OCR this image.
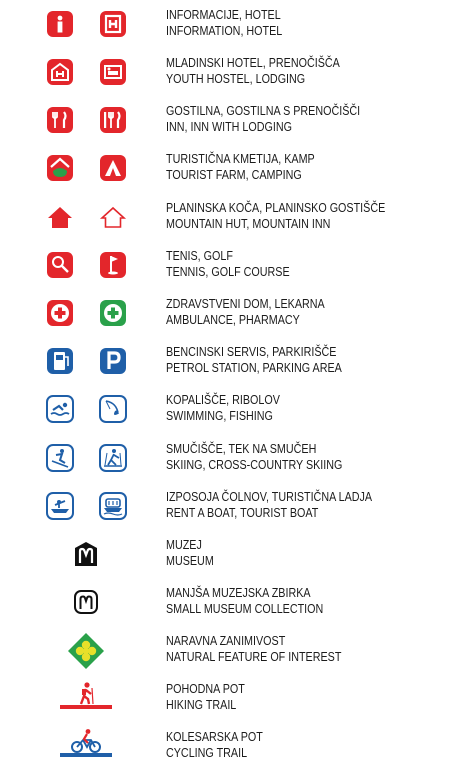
INFORMACIJE, HOTEL
INFORMATION, HOTEL
MLADINSKI HOTEL, PRENOČIŠČA
YOUTH HOSTEL, LODGING
GOSTILNA, GOSTILNA S PRENOČIŠČI
INN, INN WITH LODGING
TURISTIČNA KMETIJA, KAMP
TOURIST FARM, CAMPING
PLANINSKA KOČA, PLANINSKO GOSTIŠČE
MOUNTAIN HUT, MOUNTAIN INN
TENIS, GOLF
TENNIS, GOLF COURSE
ZDRAVSTVENI DOM, LEKARNA
AMBULANCE, PHARMACY
BENCINSKI SERVIS, PARKIRIŠČE
PETROL STATION, PARKING AREA
KOPALIŠČE, RIBOLOV
SWIMMING, FISHING
SMUČIŠČE, TEK NA SMUČEH
SKIING, CROSS-COUNTRY SKIING
IZPOSOJA ČOLNOV, TURISTIČNA LADJA
RENT A BOAT, TOURIST BOAT
MUZEJ
MUSEUM
MANJŠA MUZEJSKA ZBIRKA
SMALL MUSEUM COLLECTION
NARAVNA ZANIMIVOST
NATURAL FEATURE OF INTEREST
POHODNA POT
HIKING TRAIL
KOLESARSKA POT
CYCLING TRAIL
